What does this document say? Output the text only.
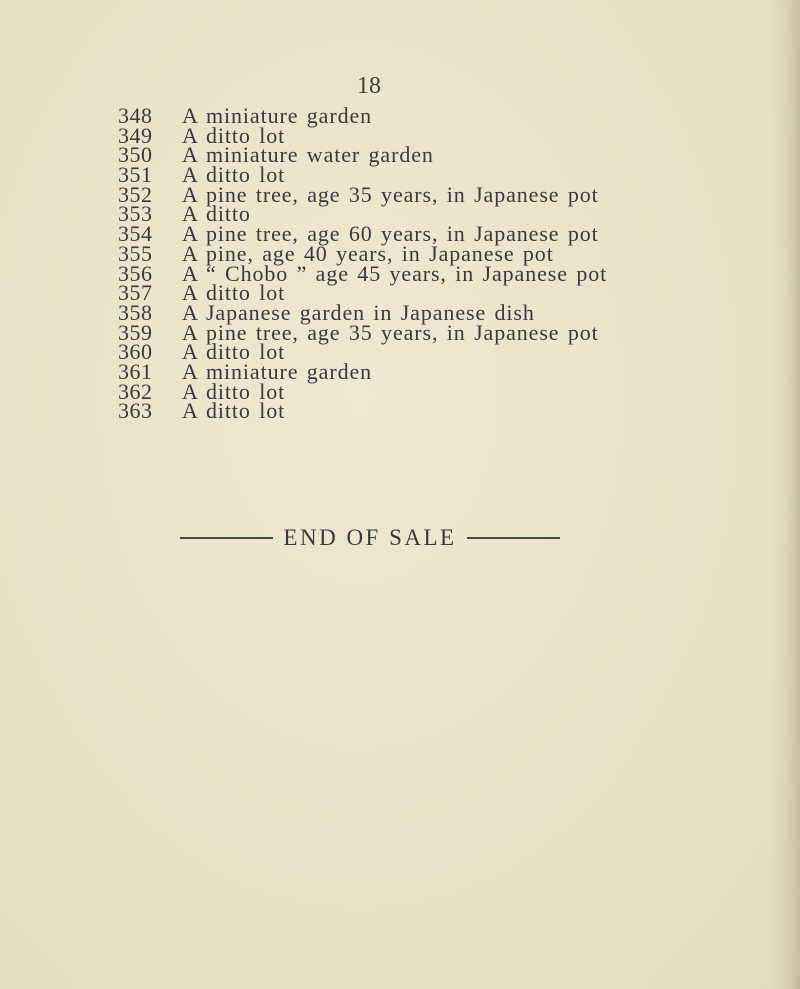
18
348	A miniature garden
349	A ditto lot
350	A miniature water garden
351	A ditto lot
352	A pine tree, age 35 years, in Japanese pot
353	A ditto
354	A pine tree, age 60 years, in Japanese pot
355	A pine, age 40 years, in Japanese pot
356	A “ Chobo ” age 45 years, in Japanese pot
357	A ditto lot
358	A Japanese garden in Japanese dish
359	A pine tree, age 35 years, in Japanese pot
360	A ditto lot
361	A miniature garden
362	A ditto lot
363	A ditto lot
END OF SALE
